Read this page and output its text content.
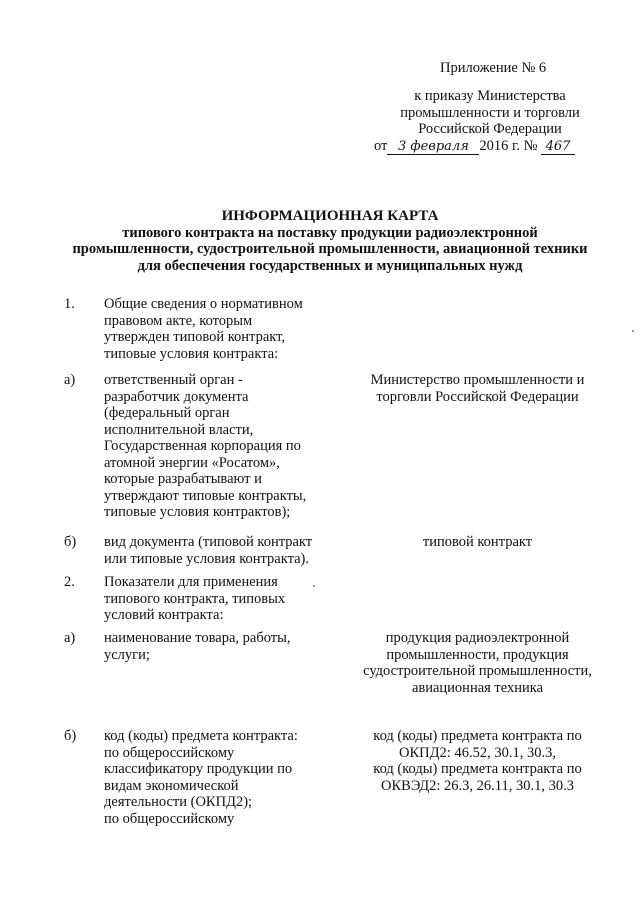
Приложение № 6
к приказу Министерства
промышленности и торговли
Российской Федерации
от 3 февраля 2016 г. № 467
ИНФОРМАЦИОННАЯ КАРТА
типового контракта на поставку продукции радиоэлектронной
промышленности, судостроительной промышленности, авиационной техники
для обеспечения государственных и муниципальных нужд
1. Общие сведения о нормативном
правовом акте, которым
утвержден типовой контракт,
типовые условия контракта:
а) ответственный орган -
разработчик документа
(федеральный орган
исполнительной власти,
Государственная корпорация по
атомной энергии «Росатом»,
которые разрабатывают и
утверждают типовые контракты,
типовые условия контрактов);
Министерство промышленности и
торговли Российской Федерации
б) вид документа (типовой контракт
или типовые условия контракта).
типовой контракт
2. Показатели для применения
типового контракта, типовых
условий контракта:
а) наименование товара, работы,
услуги;
продукция радиоэлектронной
промышленности, продукция
судостроительной промышленности,
авиационная техника
б) код (коды) предмета контракта:
по общероссийскому
классификатору продукции по
видам экономической
деятельности (ОКПД2);
по общероссийскому
код (коды) предмета контракта по
ОКПД2: 46.52, 30.1, 30.3,
код (коды) предмета контракта по
ОКВЭД2: 26.3, 26.11, 30.1, 30.3
